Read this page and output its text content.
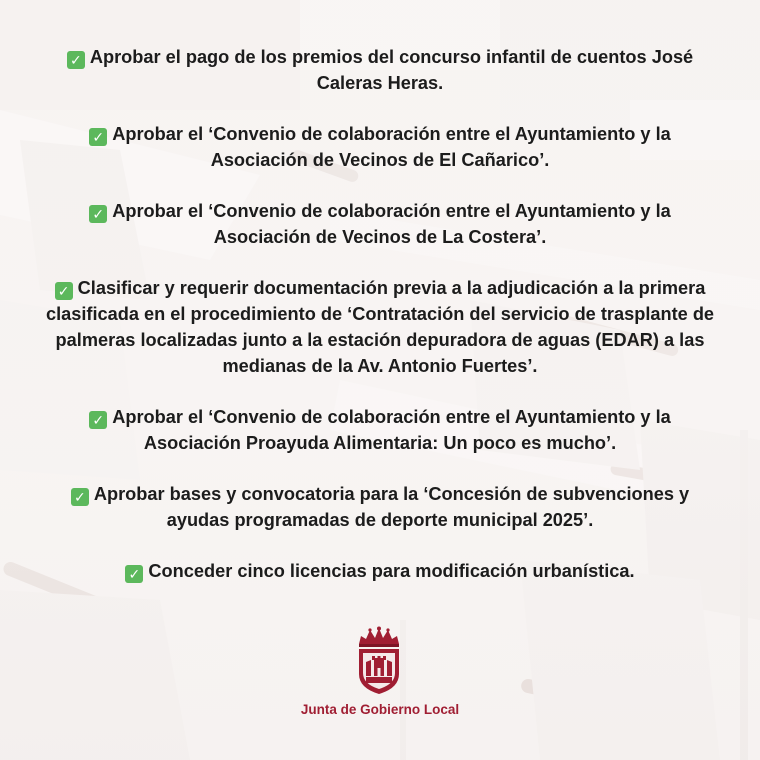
✓ Aprobar el pago de los premios del concurso infantil de cuentos José Caleras Heras.

✓ Aprobar el ‘Convenio de colaboración entre el Ayuntamiento y la Asociación de Vecinos de El Cañarico’.

✓ Aprobar el ‘Convenio de colaboración entre el Ayuntamiento y la Asociación de Vecinos de La Costera’.

✓ Clasificar y requerir documentación previa a la adjudicación a la primera clasificada en el procedimiento de ‘Contratación del servicio de trasplante de palmeras localizadas junto a la estación depuradora de aguas (EDAR) a las medianas de la Av. Antonio Fuertes’.

✓ Aprobar el ‘Convenio de colaboración entre el Ayuntamiento y la Asociación Proayuda Alimentaria: Un poco es mucho’.

✓ Aprobar bases y convocatoria para la ‘Concesión de subvenciones y ayudas programadas de deporte municipal 2025’.

✓ Conceder cinco licencias para modificación urbanística.

Junta de Gobierno Local
